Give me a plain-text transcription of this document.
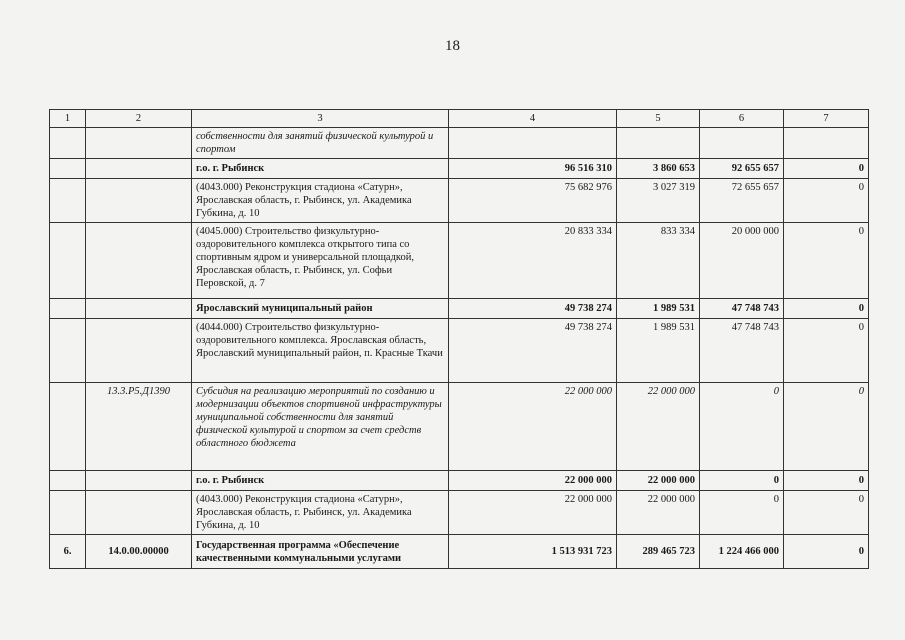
18
1	2	3	4	5	6	7
		собственности для занятий физической культурой и спортом				
		г.о. г. Рыбинск	96 516 310	3 860 653	92 655 657	0
		(4043.000) Реконструкция стадиона «Сатурн», Ярославская область, г. Рыбинск, ул. Академика Губкина, д. 10	75 682 976	3 027 319	72 655 657	0
		(4045.000) Строительство физкультурно-оздоровительного комплекса открытого типа со спортивным ядром и универсальной площадкой, Ярославская область, г. Рыбинск, ул. Софьи Перовской, д. 7	20 833 334	833 334	20 000 000	0
		Ярославский муниципальный район	49 738 274	1 989 531	47 748 743	0
		(4044.000) Строительство физкультурно-оздоровительного комплекса. Ярославская область, Ярославский муниципальный район, п. Красные Ткачи	49 738 274	1 989 531	47 748 743	0
	13.3.Р5.Д1390	Субсидия на реализацию мероприятий по созданию и модернизации объектов спортивной инфраструктуры муниципальной собственности для занятий физической культурой и спортом за счет средств областного бюджета	22 000 000	22 000 000	0	0
		г.о. г. Рыбинск	22 000 000	22 000 000	0	0
		(4043.000) Реконструкция стадиона «Сатурн», Ярославская область, г. Рыбинск, ул. Академика Губкина, д. 10	22 000 000	22 000 000	0	0
6.	14.0.00.00000	Государственная программа «Обеспечение качественными коммунальными услугами	1 513 931 723	289 465 723	1 224 466 000	0
